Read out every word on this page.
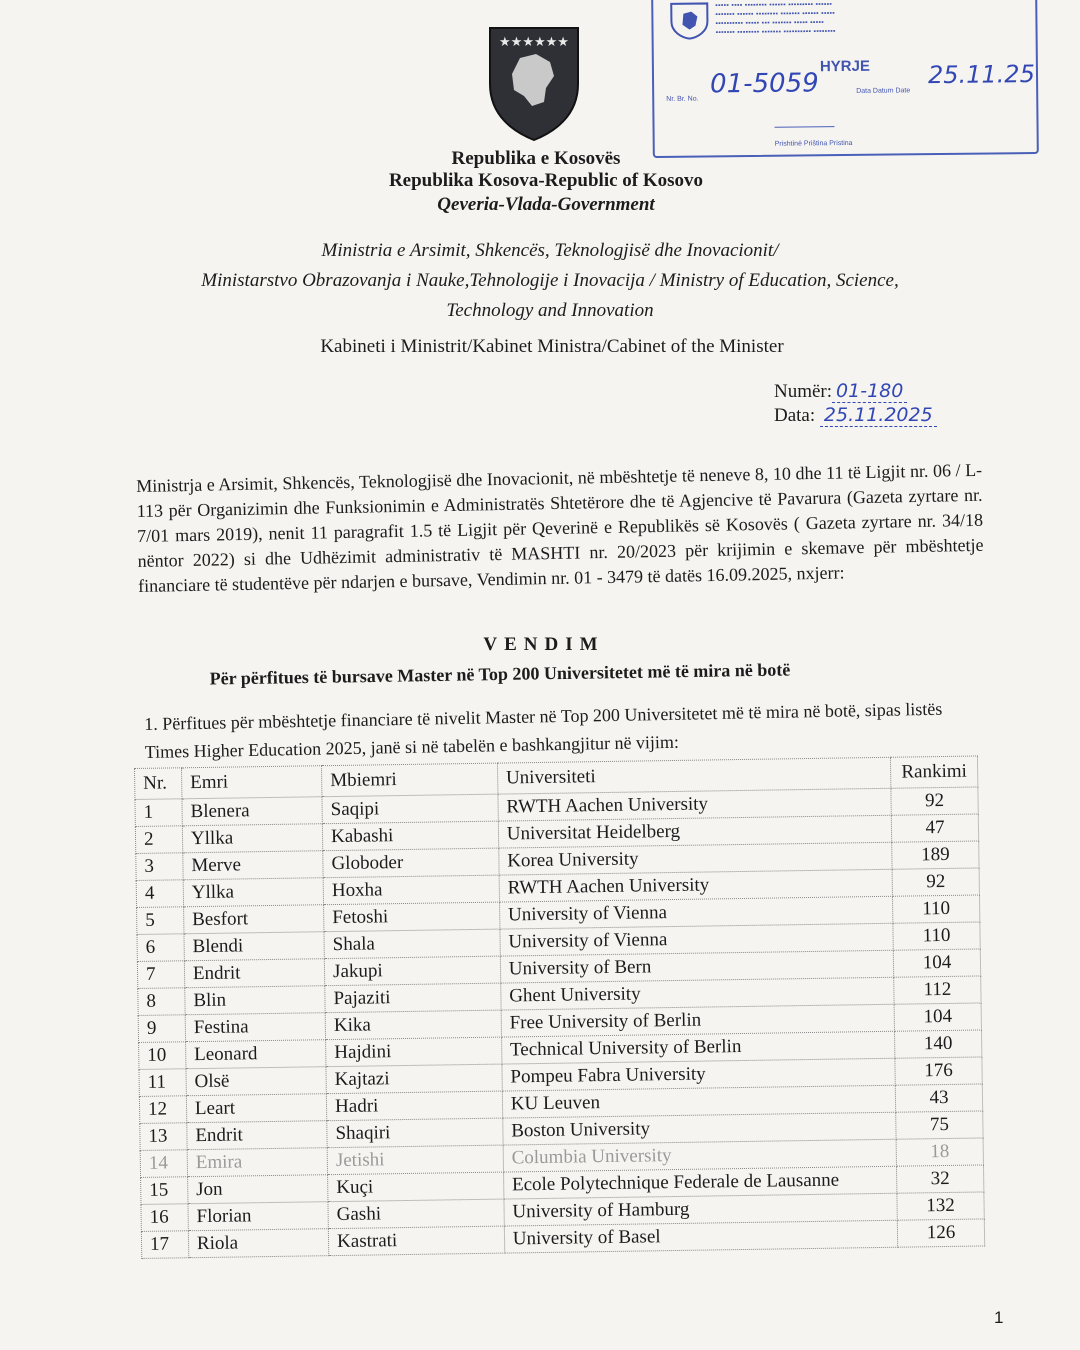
★★★★★★
▪▪▪▪▪ ▪▪▪▪ ▪▪▪▪▪▪▪▪ ▪▪▪▪▪▪ ▪▪▪▪▪▪▪▪▪ ▪▪▪▪▪▪
▪▪▪▪▪▪▪ ▪▪▪▪▪▪ ▪▪▪▪▪▪▪▪ ▪▪▪▪▪▪▪ ▪▪▪▪▪▪ ▪▪▪▪▪
▪▪▪▪▪▪▪▪▪▪ ▪▪▪▪▪ ▪▪▪ ▪▪▪▪▪▪▪ ▪▪▪▪▪ ▪▪▪▪▪
▪▪▪▪▪▪▪ ▪▪▪▪▪▪▪▪ ▪▪▪▪▪▪▪ ▪▪▪▪▪▪▪▪▪▪ ▪▪▪▪▪▪▪▪
HYRJE
Nr. Br. No. 01-5059	Data Datum Date
25.11.25
Prishtinë Priština Pristina
Republika e Kosovës
Republika Kosova-Republic of Kosovo
Qeveria-Vlada-Government
Ministria e Arsimit, Shkencës, Teknologjisë dhe Inovacionit/
Ministarstvo Obrazovanja i Nauke,Tehnologije i Inovacija / Ministry of Education, Science,
Technology and Innovation
Kabineti i Ministrit/Kabinet Ministra/Cabinet of the Minister
Numër: 01-180
Data: 25.11.2025
Ministrja e Arsimit, Shkencës, Teknologjisë dhe Inovacionit, në mbështetje të neneve 8, 10 dhe 11 të Ligjit nr. 06 / L-113 për Organizimin dhe Funksionimin e Administratës Shtetërore dhe të Agjencive të Pavarura (Gazeta zyrtare nr. 7/01 mars 2019), nenit 11 paragrafit 1.5 të Ligjit për Qeverinë e Republikës së Kosovës ( Gazeta zyrtare nr. 34/18 nëntor 2022) si dhe Udhëzimit administrativ të MASHTI nr. 20/2023 për krijimin e skemave për mbështetje financiare të studentëve për ndarjen e bursave, Vendimin nr. 01 - 3479 të datës 16.09.2025, nxjerr:
VENDIM
Për përfitues të bursave Master në Top 200 Universitetet më të mira në botë
1. Përfitues për mbështetje financiare të nivelit Master në Top 200 Universitetet më të mira në botë, sipas listës Times Higher Education 2025, janë si në tabelën e bashkangjitur në vijim:
Nr.	Emri	Mbiemri	Universiteti	Rankimi
1	Blenera	Saqipi	RWTH Aachen University	92
2	Yllka	Kabashi	Universitat Heidelberg	47
3	Merve	Globoder	Korea University	189
4	Yllka	Hoxha	RWTH Aachen University	92
5	Besfort	Fetoshi	University of Vienna	110
6	Blendi	Shala	University of Vienna	110
7	Endrit	Jakupi	University of Bern	104
8	Blin	Pajaziti	Ghent University	112
9	Festina	Kika	Free University of Berlin	104
10	Leonard	Hajdini	Technical University of Berlin	140
11	Olsë	Kajtazi	Pompeu Fabra University	176
12	Leart	Hadri	KU Leuven	43
13	Endrit	Shaqiri	Boston University	75
14	Emira	Jetishi	Columbia University	18
15	Jon	Kuçi	Ecole Polytechnique Federale de Lausanne	32
16	Florian	Gashi	University of Hamburg	132
17	Riola	Kastrati	University of Basel	126
1
